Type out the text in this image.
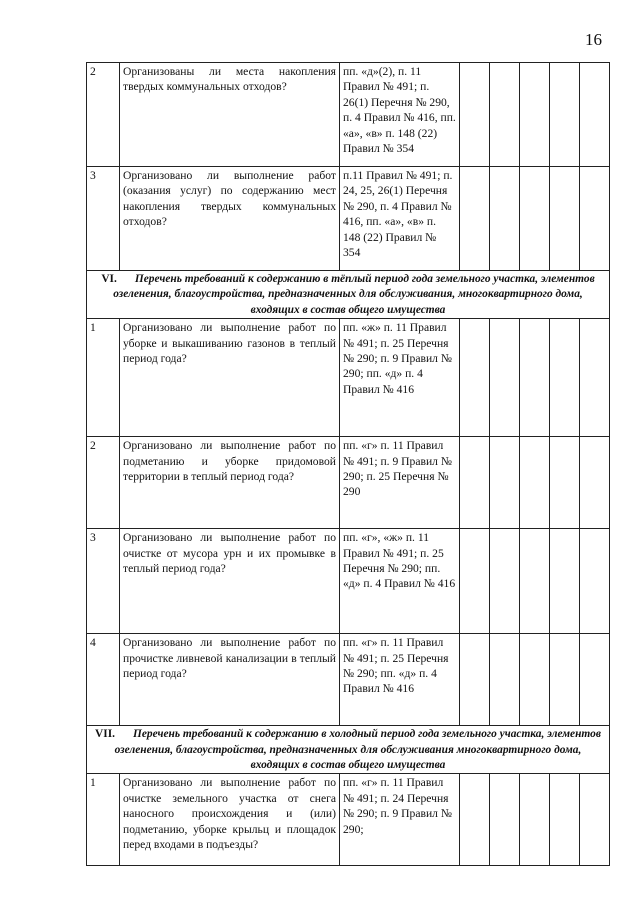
16
2	Организованы ли места накопления твердых коммунальных отходов?	пп. «д»(2), п. 11 Правил № 491; п. 26(1) Перечня № 290, п. 4 Правил № 416, пп. «а», «в» п. 148 (22) Правил № 354					
3	Организовано ли выполнение работ (оказания услуг) по содержанию мест накопления твердых коммунальных отходов?	п.11 Правил № 491; п. 24, 25, 26(1) Перечня № 290, п. 4 Правил № 416, пп. «а», «в» п. 148 (22) Правил № 354					
VI. Перечень требований к содержанию в тёплый период года земельного участка, элементов озеленения, благоустройства, предназначенных для обслуживания, многоквартирного дома, входящих в состав общего имущества							
1	Организовано ли выполнение работ по уборке и выкашиванию газонов в теплый период года?	пп. «ж» п. 11 Правил № 491; п. 25 Перечня № 290; п. 9 Правил № 290; пп. «д» п. 4 Правил № 416					
2	Организовано ли выполнение работ по подметанию и уборке придомовой территории в теплый период года?	пп. «г» п. 11 Правил № 491; п. 9 Правил № 290; п. 25 Перечня № 290					
3	Организовано ли выполнение работ по очистке от мусора урн и их промывке в теплый период года?	пп. «г», «ж» п. 11 Правил № 491; п. 25 Перечня № 290; пп. «д» п. 4 Правил № 416					
4	Организовано ли выполнение работ по прочистке ливневой канализации в теплый период года?	пп. «г» п. 11 Правил № 491; п. 25 Перечня № 290; пп. «д» п. 4 Правил № 416					
VII. Перечень требований к содержанию в холодный период года земельного участка, элементов озеленения, благоустройства, предназначенных для обслуживания многоквартирного дома, входящих в состав общего имущества							
1	Организовано ли выполнение работ по очистке земельного участка от снега наносного происхождения и (или) подметанию, уборке крыльц и площадок перед входами в подъезды?	пп. «г» п. 11 Правил № 491; п. 24 Перечня № 290; п. 9 Правил № 290;					
